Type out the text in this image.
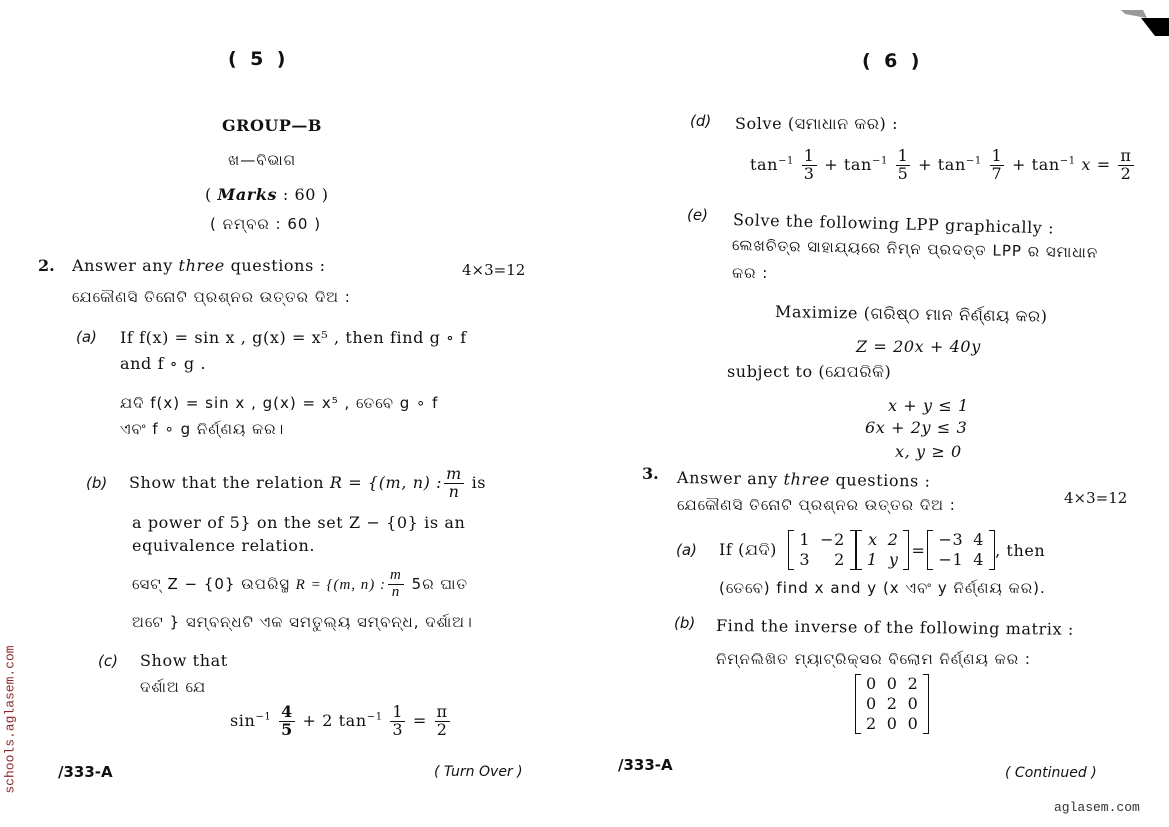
( 5 )
GROUP—B
ଖ—ବିଭାଗ
( Marks : 60 )
( ନମ୍ବର : 60 )
2. Answer any three questions :	4×3=12
ଯେକୌଣସି ତିନୋଟି ପ୍ରଶ୍ନର ଉତ୍ତର ଦିଅ :
(a) If f(x) = sin x , g(x) = x⁵ , then find g ∘ f
and f ∘ g .
ଯଦି f(x) = sin x , g(x) = x⁵ , ତେବେ g ∘ f
ଏବଂ f ∘ g ନିର୍ଣ୍ଣୟ କର।
(b) Show that the relation R = {(m, n) : $\frac{m}{n}$ is
a power of 5} on the set Z − {0} is an
equivalence relation.
ସେଟ୍ Z − {0} ଉପରିସ୍ଥ R = {(m, n) : $\frac{m}{n}$ 5ର ଘାତ
ଅଟେ } ସମ୍ବନ୍ଧଟି ଏକ ସମତୁଲ୍ୟ ସମ୍ବନ୍ଧ, ଦର୍ଶାଅ।
(c) Show that
ଦର୍ଶାଅ ଯେ
$\sin^{-1} \frac{4}{5} + 2$ $\tan^{-1} \frac{1}{3} = \frac{\pi}{2}$
/333-A	( Turn Over )
( 6 )
(d) Solve (ସମାଧାନ କର) :
$\tan^{-1} \frac{1}{3} + \tan^{-1} \frac{1}{5} + \tan^{-1} \frac{1}{7} + \tan^{-1} x = \frac{\pi}{2}$
(e) Solve the following LPP graphically :
ଲେଖଚିତ୍ର ସାହାଯ୍ୟରେ ନିମ୍ନ ପ୍ରଦତ୍ତ LPP ର ସମାଧାନ
କର :
Maximize (ଗରିଷ୍ଠ ମାନ ନିର୍ଣ୍ଣୟ କର)
Z = 20x + 40y
subject to (ଯେପରିକି)
x + y ≤ 1
6x + 2y ≤ 3
x, y ≥ 0
3. Answer any three questions :
4×3=12
ଯେକୌଣସି ତିନୋଟି ପ୍ରଶ୍ନର ଉତ୍ତର ଦିଅ :
(a) If (ଯଦି)

1	−2
3	2
x	2
1	y =
−3	4
−1	4 , then
(ତେବେ) find x and y (x ଏବଂ y ନିର୍ଣ୍ଣୟ କର).
(b) Find the inverse of the following matrix :
ନିମ୍ନଲିଖିତ ମ୍ୟାଟ୍ରିକ୍ସର ବିଲୋମ ନିର୍ଣ୍ଣୟ କର :
0	0	2
0	2	0
2	0	0
/333-A	( Continued )
schools.aglasem.com
aglasem.com
